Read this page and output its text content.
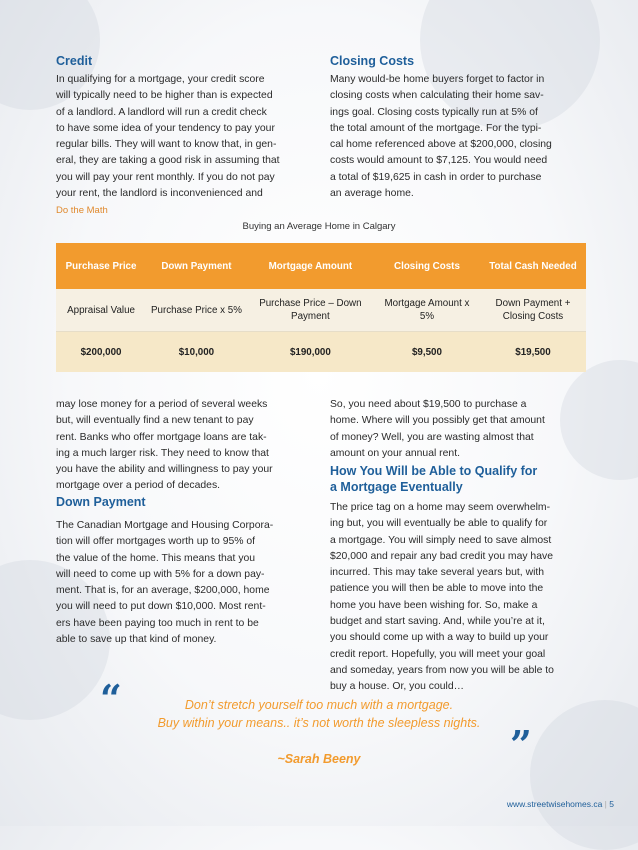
Credit
In qualifying for a mortgage, your credit score
will typically need to be higher than is expected
of a landlord. A landlord will run a credit check
to have some idea of your tendency to pay your
regular bills. They will want to know that, in gen-
eral, they are taking a good risk in assuming that
you will pay your rent monthly. If you do not pay
your rent, the landlord is inconvenienced and
Closing Costs
Many would-be home buyers forget to factor in
closing costs when calculating their home sav-
ings goal. Closing costs typically run at 5% of
the total amount of the mortgage. For the typi-
cal home referenced above at $200,000, closing
costs would amount to $7,125. You would need
a total of $19,625 in cash in order to purchase
an average home.
Do the Math
Buying an Average Home in Calgary
Purchase Price	Down Payment	Mortgage Amount	Closing Costs	Total Cash Needed
Appraisal Value	Purchase Price x 5%	Purchase Price – Down Payment	Mortgage Amount x 5%	Down Payment + Closing Costs
$200,000	$10,000	$190,000	$9,500	$19,500
may lose money for a period of several weeks
but, will eventually find a new tenant to pay
rent. Banks who offer mortgage loans are tak-
ing a much larger risk. They need to know that
you have the ability and willingness to pay your
mortgage over a period of decades.
Down Payment
The Canadian Mortgage and Housing Corpora-
tion will offer mortgages worth up to 95% of
the value of the home. This means that you
will need to come up with 5% for a down pay-
ment. That is, for an average, $200,000, home
you will need to put down $10,000. Most rent-
ers have been paying too much in rent to be
able to save up that kind of money.
So, you need about $19,500 to purchase a
home. Where will you possibly get that amount
of money? Well, you are wasting almost that
amount on your annual rent.
How You Will be Able to Qualify for
a Mortgage Eventually
The price tag on a home may seem overwhelm-
ing but, you will eventually be able to qualify for
a mortgage. You will simply need to save almost
$20,000 and repair any bad credit you may have
incurred. This may take several years but, with
patience you will then be able to move into the
home you have been wishing for. So, make a
budget and start saving. And, while you’re at it,
you should come up with a way to build up your
credit report. Hopefully, you will meet your goal
and someday, years from now you will be able to
buy a house. Or, you could…
“	Don’t stretch yourself too much with a mortgage.
Buy within your means.. it’s not worth the sleepless nights. ”
~Sarah Beeny
www.streetwisehomes.ca | 5
